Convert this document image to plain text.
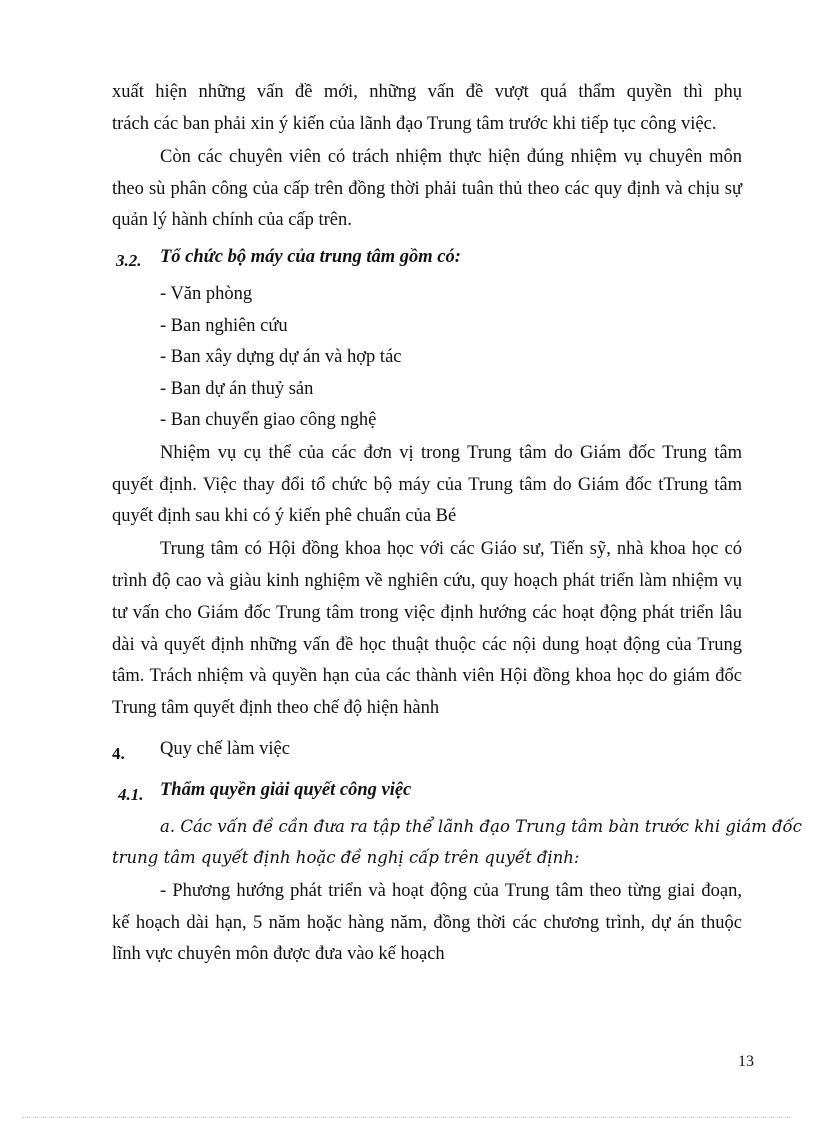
xuất hiện những vấn đề mới, những vấn đề vượt quá thẩm quyền thì phụ
trách các ban phải xin ý kiến của lãnh đạo Trung tâm trước khi tiếp tục công việc.
Còn các chuyên viên có trách nhiệm thực hiện đúng nhiệm vụ chuyên môn
theo sù phân công của cấp trên đồng thời phải tuân thủ theo các quy định và chịu sự
quản lý hành chính của cấp trên.
3.2. Tổ chức bộ máy của trung tâm gồm có:
- Văn phòng
- Ban nghiên cứu
- Ban xây dựng dự án và hợp tác
- Ban dự án thuỷ sản
- Ban chuyển giao công nghệ
Nhiệm vụ cụ thể của các đơn vị trong Trung tâm do Giám đốc Trung tâm
quyết định. Việc thay đổi tổ chức bộ máy của Trung tâm do Giám đốc tTrung tâm
quyết định sau khi có ý kiến phê chuẩn của Bé
Trung tâm có Hội đồng khoa học với các Giáo sư, Tiến sỹ, nhà khoa học có
trình độ cao và giàu kinh nghiệm về nghiên cứu, quy hoạch phát triển làm nhiệm vụ
tư vấn cho Giám đốc Trung tâm trong việc định hướng các hoạt động phát triển lâu
dài và quyết định những vấn đề học thuật thuộc các nội dung hoạt động của Trung
tâm. Trách nhiệm và quyền hạn của các thành viên Hội đồng khoa học do giám đốc
Trung tâm quyết định theo chế độ hiện hành
4. Quy chế làm việc
4.1. Thẩm quyền giải quyết công việc
a. Các vấn đề cần đưa ra tập thể lãnh đạo Trung tâm bàn trước khi giám đốc
trung tâm quyết định hoặc đề nghị cấp trên quyết định:
- Phương hướng phát triển và hoạt động của Trung tâm theo từng giai đoạn,
kế hoạch dài hạn, 5 năm hoặc hàng năm, đồng thời các chương trình, dự án thuộc
lĩnh vực chuyên môn được đưa vào kế hoạch
13
